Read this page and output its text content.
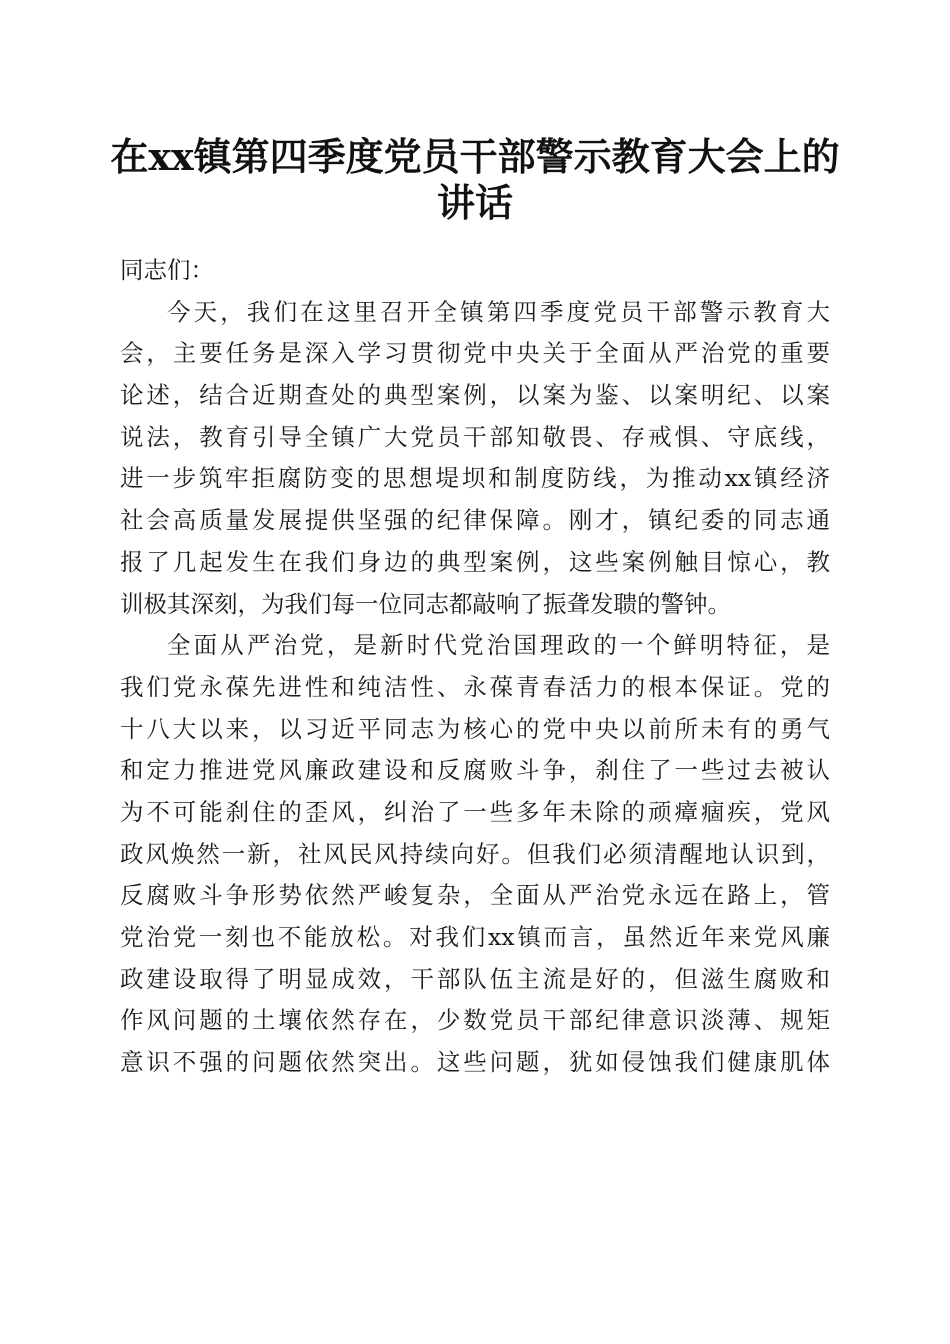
在xx镇第四季度党员干部警示教育大会上的
讲话
同志们：
今天，我们在这里召开全镇第四季度党员干部警示教育大
会，主要任务是深入学习贯彻党中央关于全面从严治党的重要
论述，结合近期查处的典型案例，以案为鉴、以案明纪、以案
说法，教育引导全镇广大党员干部知敬畏、存戒惧、守底线，
进一步筑牢拒腐防变的思想堤坝和制度防线，为推动xx镇经济
社会高质量发展提供坚强的纪律保障。刚才，镇纪委的同志通
报了几起发生在我们身边的典型案例，这些案例触目惊心，教
训极其深刻，为我们每一位同志都敲响了振聋发聩的警钟。
全面从严治党，是新时代党治国理政的一个鲜明特征，是
我们党永葆先进性和纯洁性、永葆青春活力的根本保证。党的
十八大以来，以习近平同志为核心的党中央以前所未有的勇气
和定力推进党风廉政建设和反腐败斗争，刹住了一些过去被认
为不可能刹住的歪风，纠治了一些多年未除的顽瘴痼疾，党风
政风焕然一新，社风民风持续向好。但我们必须清醒地认识到，
反腐败斗争形势依然严峻复杂，全面从严治党永远在路上，管
党治党一刻也不能放松。对我们xx镇而言，虽然近年来党风廉
政建设取得了明显成效，干部队伍主流是好的，但滋生腐败和
作风问题的土壤依然存在，少数党员干部纪律意识淡薄、规矩
意识不强的问题依然突出。这些问题，犹如侵蚀我们健康肌体
